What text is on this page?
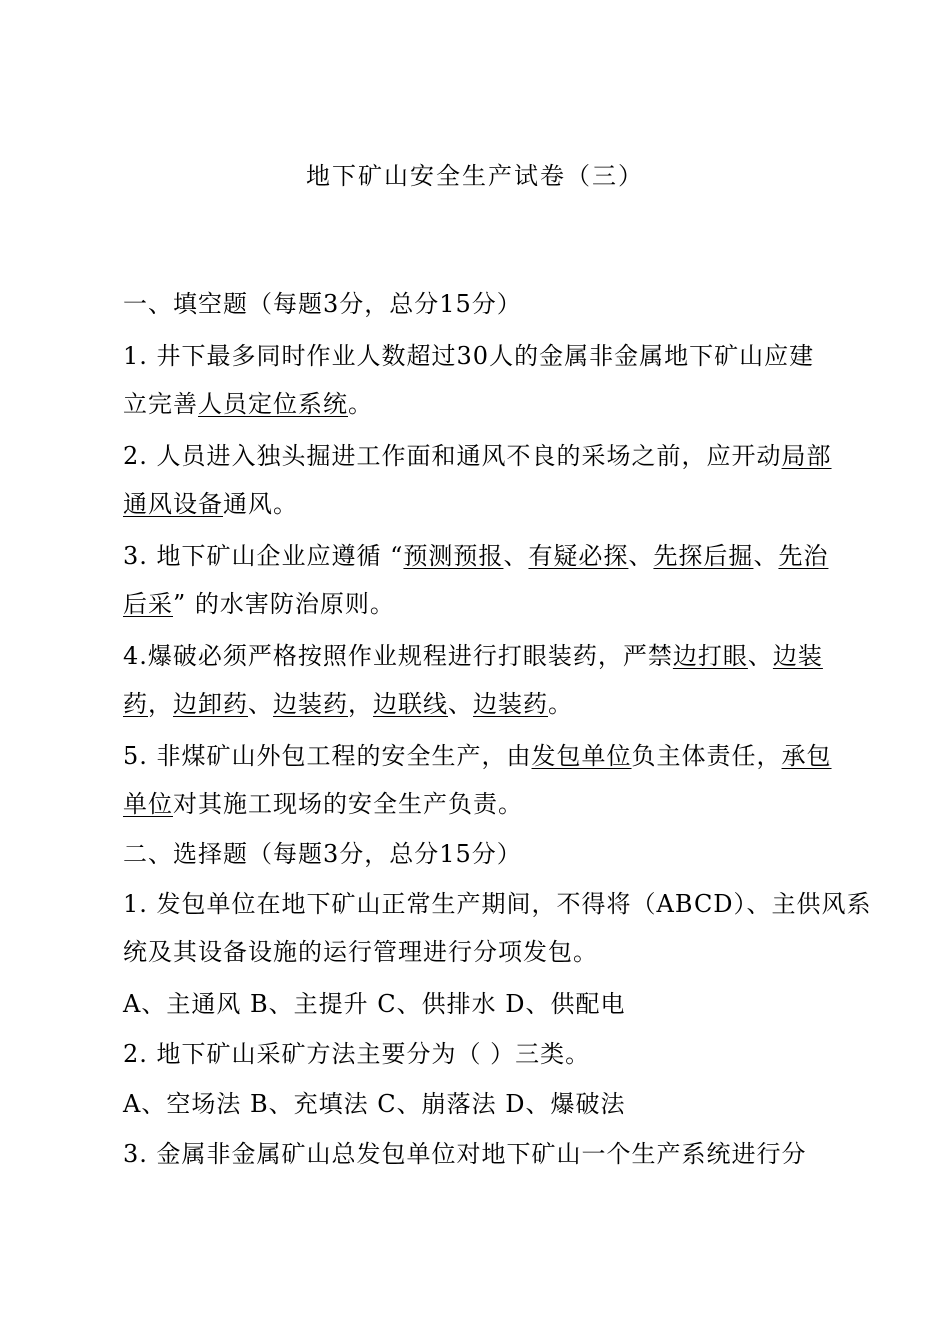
地下矿山安全生产试卷（三）
一、填空题（每题3分，总分15分）
1. 井下最多同时作业人数超过30人的金属非金属地下矿山应建
立完善人员定位系统。
2. 人员进入独头掘进工作面和通风不良的采场之前，应开动局部
通风设备通风。
3. 地下矿山企业应遵循 “预测预报、有疑必探、先探后掘、先治
后采” 的水害防治原则。
4.爆破必须严格按照作业规程进行打眼装药，严禁边打眼、边装
药，边卸药、边装药，边联线、边装药。
5. 非煤矿山外包工程的安全生产，由发包单位负主体责任，承包
单位对其施工现场的安全生产负责。
二、选择题（每题3分，总分15分）
1. 发包单位在地下矿山正常生产期间，不得将（ABCD）、主供风系
统及其设备设施的运行管理进行分项发包。
A、主通风 B、主提升 C、供排水 D、供配电
2. 地下矿山采矿方法主要分为（ ）三类。
A、空场法 B、充填法 C、崩落法 D、爆破法
3. 金属非金属矿山总发包单位对地下矿山一个生产系统进行分
